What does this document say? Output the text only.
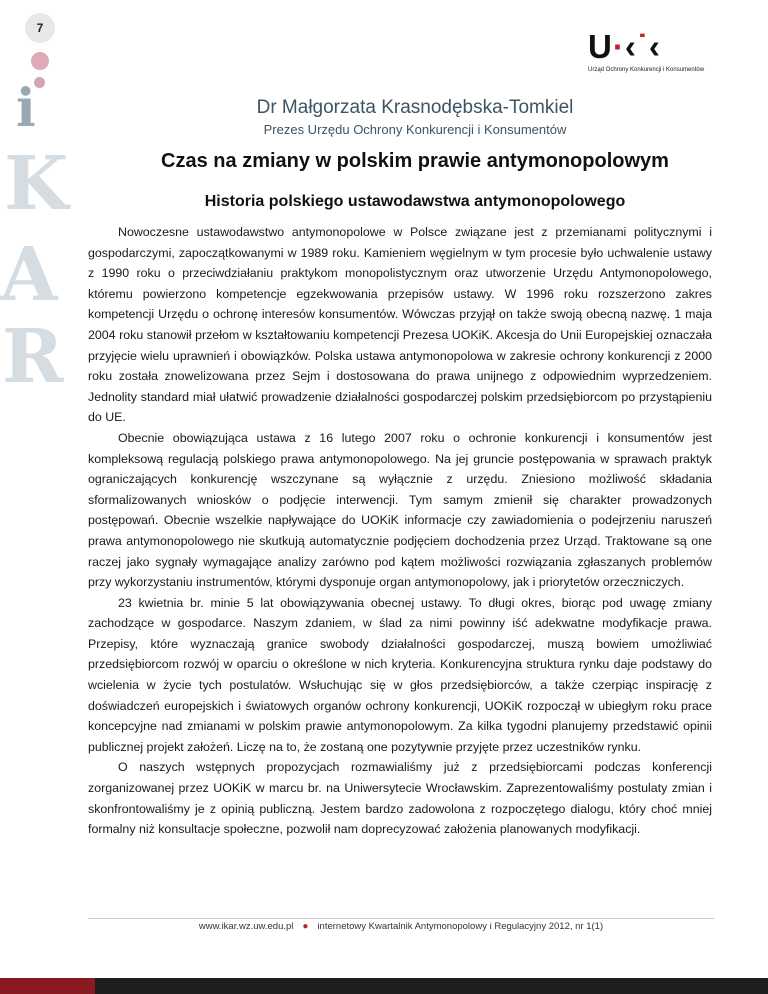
7
i
K
A
R
U·‹˙‹
Urząd Ochrony Konkurencji i Konsumentów
Dr Małgorzata Krasnodębska-Tomkiel
Prezes Urzędu Ochrony Konkurencji i Konsumentów
Czas na zmiany w polskim prawie antymonopolowym
Historia polskiego ustawodawstwa antymonopolowego

Nowoczesne ustawodawstwo antymonopolowe w Polsce związane jest z przemianami politycznymi i gospodarczymi, zapoczątkowanymi w 1989 roku. Kamieniem węgielnym w tym procesie było uchwalenie ustawy z 1990 roku o przeciwdziałaniu praktykom monopolistycznym oraz utworzenie Urzędu Antymonopolowego, któremu powierzono kompetencje egzekwowania przepisów ustawy. W 1996 roku rozszerzono zakres kompetencji Urzędu o ochronę interesów konsumentów. Wówczas przyjął on także swoją obecną nazwę. 1 maja 2004 roku stanowił przełom w kształtowaniu kompetencji Prezesa UOKiK. Akcesja do Unii Europejskiej oznaczała przyjęcie wielu uprawnień i obowiązków. Polska ustawa antymonopolowa w zakresie ochrony konkurencji z 2000 roku została znowelizowana przez Sejm i dostosowana do prawa unijnego z odpowiednim wyprzedzeniem. Jednolity standard miał ułatwić prowadzenie działalności gospodarczej polskim przedsiębiorcom po przystąpieniu do UE.

Obecnie obowiązująca ustawa z 16 lutego 2007 roku o ochronie konkurencji i konsumentów jest kompleksową regulacją polskiego prawa antymonopolowego. Na jej gruncie postępowania w sprawach praktyk ograniczających konkurencję wszczynane są wyłącznie z urzędu. Zniesiono możliwość składania sformalizowanych wniosków o podjęcie interwencji. Tym samym zmienił się charakter prowadzonych postępowań. Obecnie wszelkie napływające do UOKiK informacje czy zawiadomienia o podejrzeniu naruszeń prawa antymonopolowego nie skutkują automatycznie podjęciem dochodzenia przez Urząd. Traktowane są one raczej jako sygnały wymagające analizy zarówno pod kątem możliwości rozwiązania zgłaszanych problemów przy wykorzystaniu instrumentów, którymi dysponuje organ antymonopolowy, jak i priorytetów orzeczniczych.

23 kwietnia br. minie 5 lat obowiązywania obecnej ustawy. To długi okres, biorąc pod uwagę zmiany zachodzące w gospodarce. Naszym zdaniem, w ślad za nimi powinny iść adekwatne modyfikacje prawa. Przepisy, które wyznaczają granice swobody działalności gospodarczej, muszą bowiem umożliwiać przedsiębiorcom rozwój w oparciu o określone w nich kryteria. Konkurencyjna struktura rynku daje podstawy do wcielenia w życie tych postulatów. Wsłuchując się w głos przedsiębiorców, a także czerpiąc inspirację z doświadczeń europejskich i światowych organów ochrony konkurencji, UOKiK rozpoczął w ubiegłym roku prace koncepcyjne nad zmianami w polskim prawie antymonopolowym. Za kilka tygodni planujemy przedstawić opinii publicznej projekt założeń. Liczę na to, że zostaną one pozytywnie przyjęte przez uczestników rynku.

O naszych wstępnych propozycjach rozmawialiśmy już z przedsiębiorcami podczas konferencji zorganizowanej przez UOKiK w marcu br. na Uniwersytecie Wrocławskim. Zaprezentowaliśmy postulaty zmian i skonfrontowaliśmy je z opinią publiczną. Jestem bardzo zadowolona z rozpoczętego dialogu, który choć mniej formalny niż konsultacje społeczne, pozwolił nam doprecyzować założenia planowanych modyfikacji.

www.ikar.wz.uw.edu.pl ● internetowy Kwartalnik Antymonopolowy i Regulacyjny 2012, nr 1(1)
